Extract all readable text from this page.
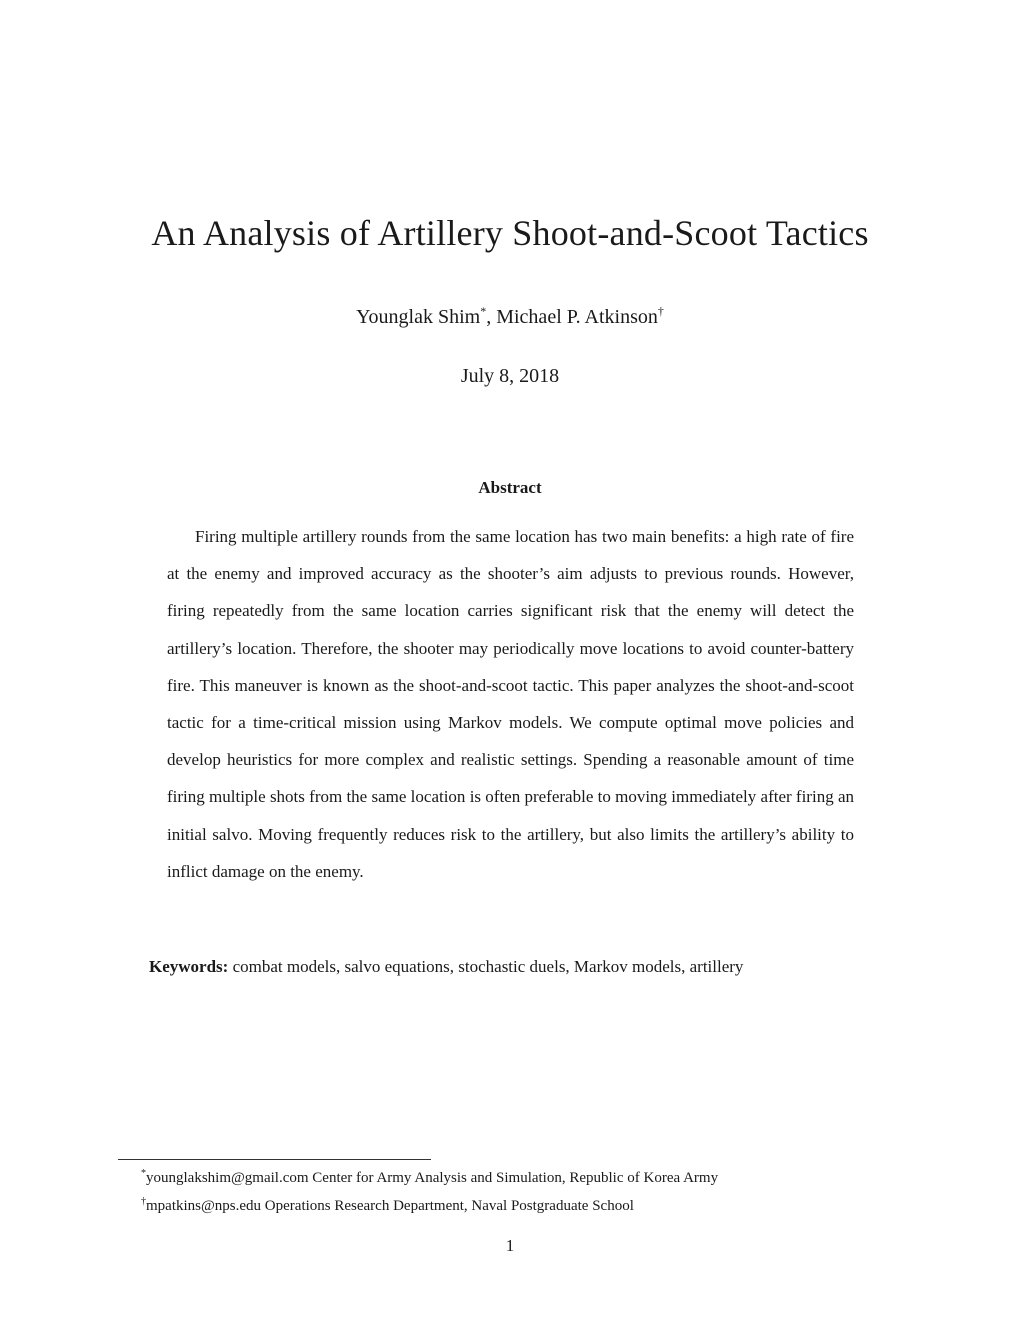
An Analysis of Artillery Shoot-and-Scoot Tactics
Younglak Shim*, Michael P. Atkinson†
July 8, 2018
Abstract

Firing multiple artillery rounds from the same location has two main benefits: a high rate of fire at the enemy and improved accuracy as the shooter’s aim adjusts to previous rounds. However, firing repeatedly from the same location carries significant risk that the enemy will detect the artillery’s location. Therefore, the shooter may periodically move locations to avoid counter-battery fire. This maneuver is known as the shoot-and-scoot tactic. This paper analyzes the shoot-and-scoot tactic for a time-critical mission using Markov models. We compute optimal move policies and develop heuristics for more complex and realistic settings. Spending a reasonable amount of time firing multiple shots from the same location is often preferable to moving immediately after firing an initial salvo. Moving frequently reduces risk to the artillery, but also limits the artillery’s ability to inflict damage on the enemy.

Keywords: combat models, salvo equations, stochastic duels, Markov models, artillery
*younglakshim@gmail.com Center for Army Analysis and Simulation, Republic of Korea Army
†mpatkins@nps.edu Operations Research Department, Naval Postgraduate School
1
